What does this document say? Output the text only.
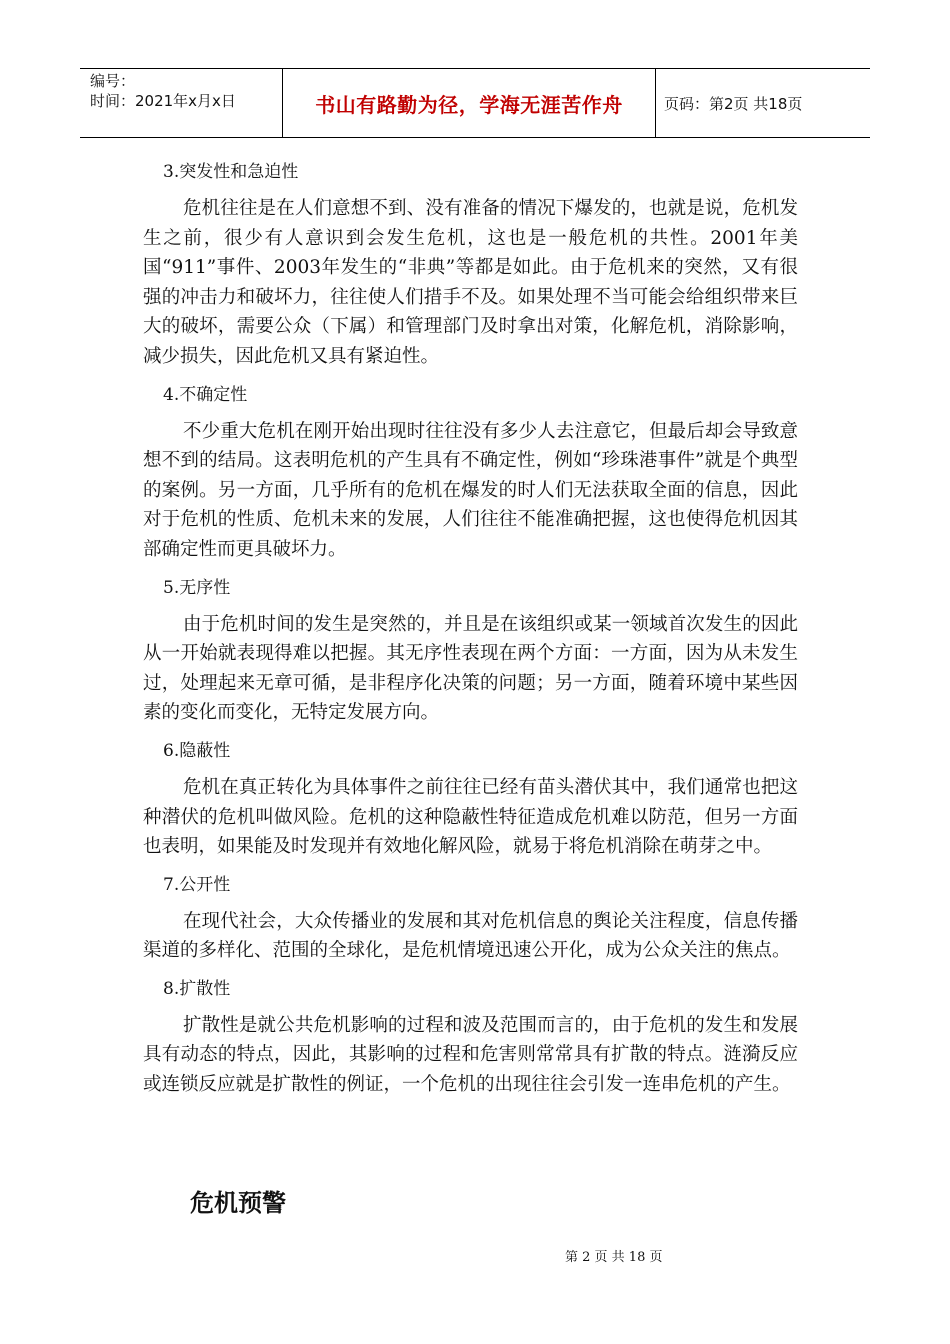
编号：
时间：2021年x月x日	书山有路勤为径，学海无涯苦作舟	页码：第2页 共18页
3.突发性和急迫性

危机往往是在人们意想不到、没有准备的情况下爆发的，也就是说，危机发生之前，很少有人意识到会发生危机，这也是一般危机的共性。2001年美国“911”事件、2003年发生的“非典”等都是如此。由于危机来的突然，又有很强的冲击力和破坏力，往往使人们措手不及。如果处理不当可能会给组织带来巨大的破坏，需要公众（下属）和管理部门及时拿出对策，化解危机，消除影响，减少损失，因此危机又具有紧迫性。

4.不确定性

不少重大危机在刚开始出现时往往没有多少人去注意它，但最后却会导致意想不到的结局。这表明危机的产生具有不确定性，例如“珍珠港事件”就是个典型的案例。另一方面，几乎所有的危机在爆发的时人们无法获取全面的信息，因此对于危机的性质、危机未来的发展，人们往往不能准确把握，这也使得危机因其部确定性而更具破坏力。

5.无序性

由于危机时间的发生是突然的，并且是在该组织或某一领域首次发生的因此从一开始就表现得难以把握。其无序性表现在两个方面：一方面，因为从未发生过，处理起来无章可循，是非程序化决策的问题；另一方面，随着环境中某些因素的变化而变化，无特定发展方向。

6.隐蔽性

危机在真正转化为具体事件之前往往已经有苗头潜伏其中，我们通常也把这种潜伏的危机叫做风险。危机的这种隐蔽性特征造成危机难以防范，但另一方面也表明，如果能及时发现并有效地化解风险，就易于将危机消除在萌芽之中。

7.公开性

在现代社会，大众传播业的发展和其对危机信息的舆论关注程度，信息传播渠道的多样化、范围的全球化，是危机情境迅速公开化，成为公众关注的焦点。

8.扩散性

扩散性是就公共危机影响的过程和波及范围而言的，由于危机的发生和发展具有动态的特点，因此，其影响的过程和危害则常常具有扩散的特点。涟漪反应或连锁反应就是扩散性的例证，一个危机的出现往往会引发一连串危机的产生。

危机预警
第 2 页 共 18 页
